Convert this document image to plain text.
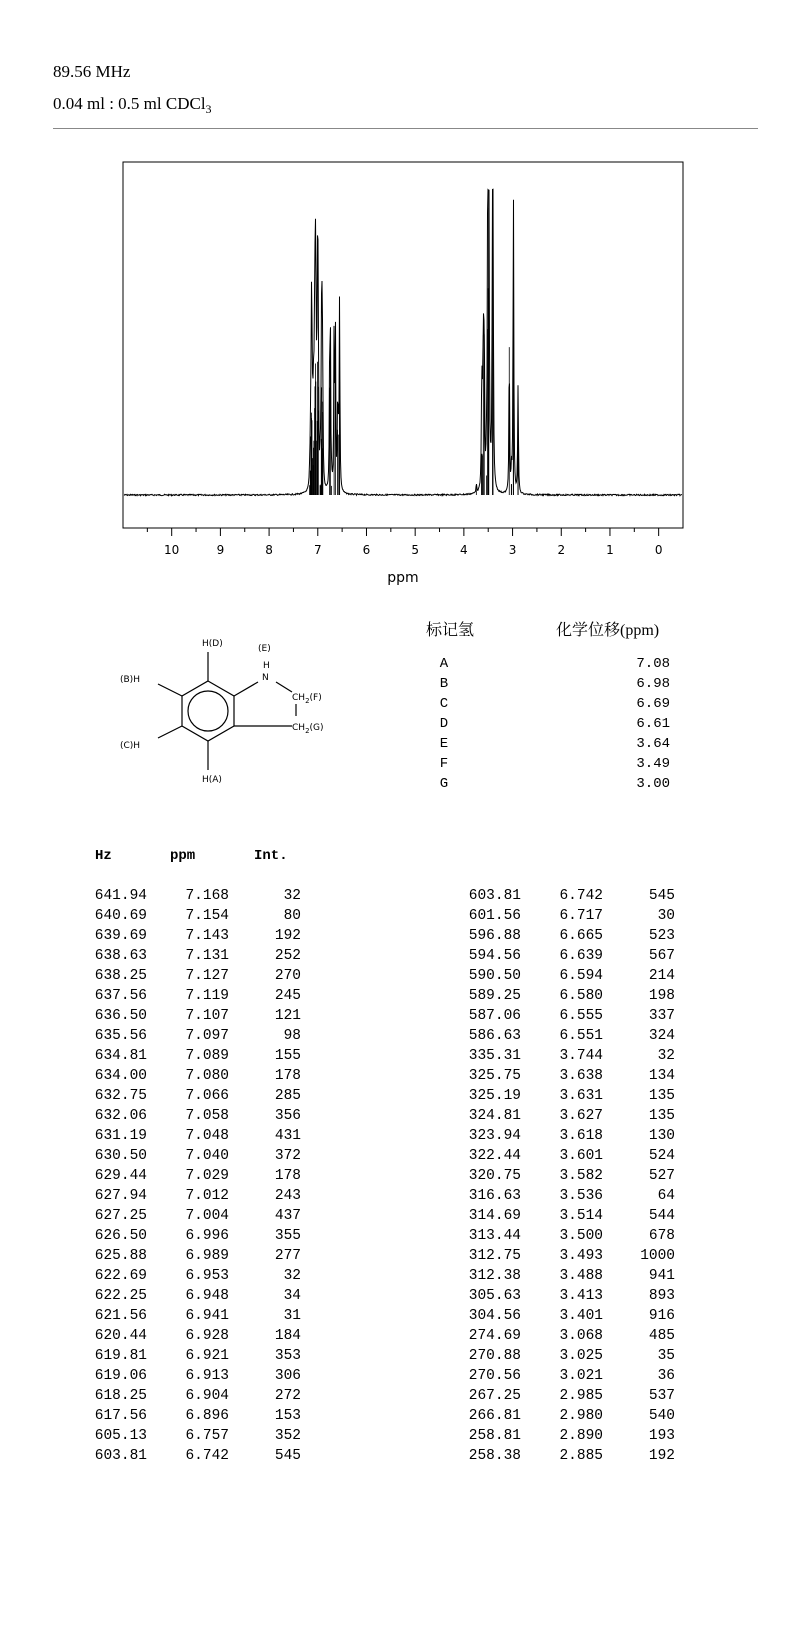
89.56 MHz
0.04 ml : 0.5 ml CDCl$_3$
10	9	8	7	6	5	4	3	2	1	0
ppm
H(D)	(E)
H
N
(B)H
$CH_2(F)$
$CH_2(G)$
(C)H
H(A)
标记氢	化学位移(ppm)
A	7.08
B	6.98
C	6.69
D	6.61
E	3.64
F	3.49
G	3.00
Hz	ppm	Int.
641.94	7.168	32
640.69	7.154	80
639.69	7.143	192
638.63	7.131	252
638.25	7.127	270
637.56	7.119	245
636.50	7.107	121
635.56	7.097	98
634.81	7.089	155
634.00	7.080	178
632.75	7.066	285
632.06	7.058	356
631.19	7.048	431
630.50	7.040	372
629.44	7.029	178
627.94	7.012	243
627.25	7.004	437
626.50	6.996	355
625.88	6.989	277
622.69	6.953	32
622.25	6.948	34
621.56	6.941	31
620.44	6.928	184
619.81	6.921	353
619.06	6.913	306
618.25	6.904	272
617.56	6.896	153
605.13	6.757	352
603.81	6.742	545
603.81	6.742	545
601.56	6.717	30
596.88	6.665	523
594.56	6.639	567
590.50	6.594	214
589.25	6.580	198
587.06	6.555	337
586.63	6.551	324
335.31	3.744	32
325.75	3.638	134
325.19	3.631	135
324.81	3.627	135
323.94	3.618	130
322.44	3.601	524
320.75	3.582	527
316.63	3.536	64
314.69	3.514	544
313.44	3.500	678
312.75	3.493	1000
312.38	3.488	941
305.63	3.413	893
304.56	3.401	916
274.69	3.068	485
270.88	3.025	35
270.56	3.021	36
267.25	2.985	537
266.81	2.980	540
258.81	2.890	193
258.38	2.885	192
